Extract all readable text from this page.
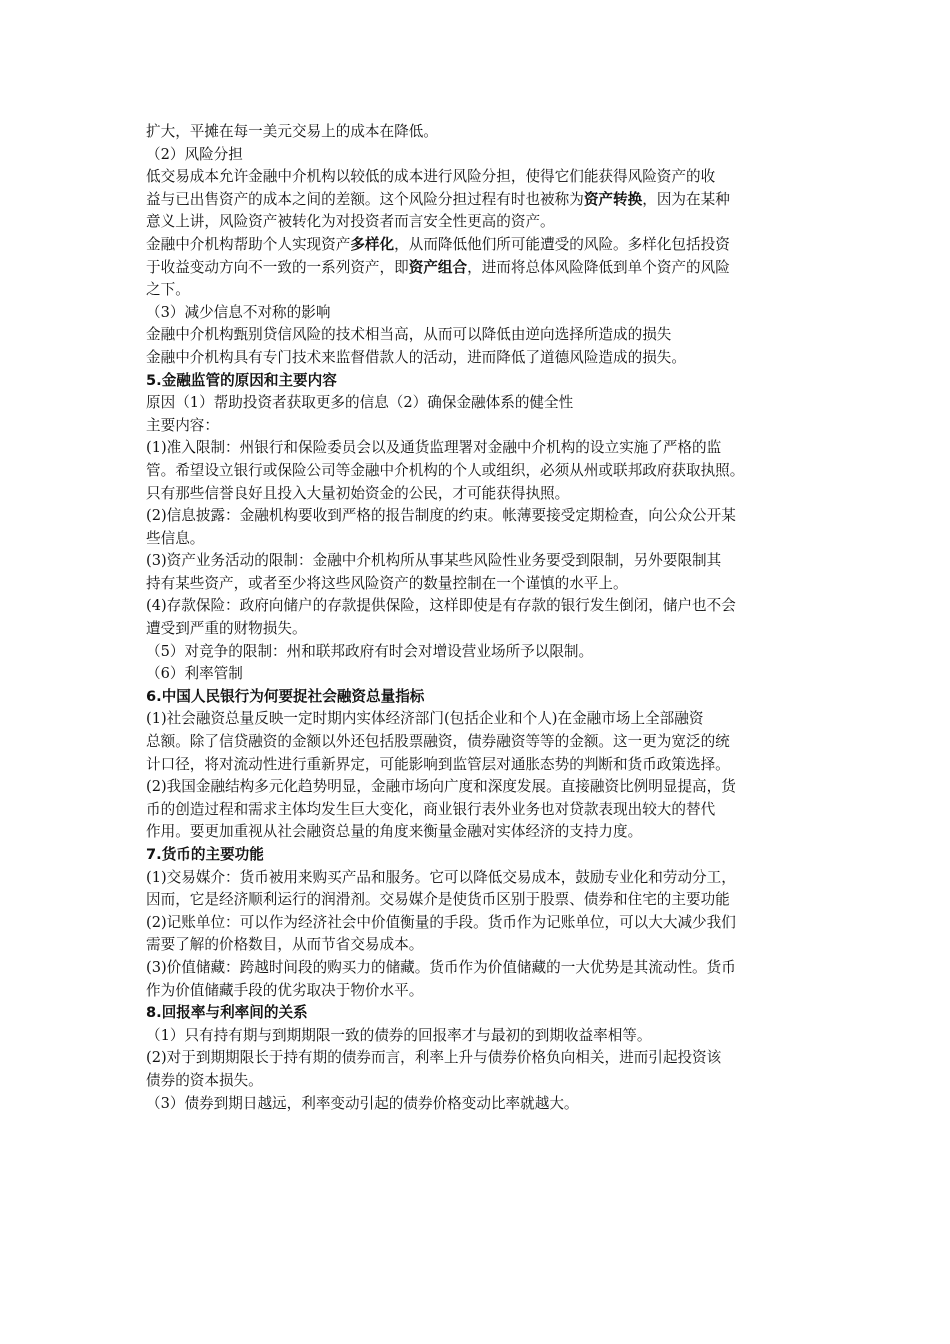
扩大，平摊在每一美元交易上的成本在降低。
（2）风险分担
低交易成本允许金融中介机构以较低的成本进行风险分担，使得它们能获得风险资产的收
益与已出售资产的成本之间的差额。这个风险分担过程有时也被称为资产转换，因为在某种
意义上讲，风险资产被转化为对投资者而言安全性更高的资产。
金融中介机构帮助个人实现资产多样化，从而降低他们所可能遭受的风险。多样化包括投资
于收益变动方向不一致的一系列资产，即资产组合，进而将总体风险降低到单个资产的风险
之下。
（3）减少信息不对称的影响
金融中介机构甄别贷信风险的技术相当高，从而可以降低由逆向选择所造成的损失
金融中介机构具有专门技术来监督借款人的活动，进而降低了道德风险造成的损失。
5.金融监管的原因和主要内容
原因（1）帮助投资者获取更多的信息（2）确保金融体系的健全性
主要内容：
(1)准入限制：州银行和保险委员会以及通货监理署对金融中介机构的设立实施了严格的监
管。希望设立银行或保险公司等金融中介机构的个人或组织，必须从州或联邦政府获取执照。
只有那些信誉良好且投入大量初始资金的公民，才可能获得执照。
(2)信息披露：金融机构要收到严格的报告制度的约束。帐薄要接受定期检查，向公众公开某
些信息。
(3)资产业务活动的限制：金融中介机构所从事某些风险性业务要受到限制，另外要限制其
持有某些资产，或者至少将这些风险资产的数量控制在一个谨慎的水平上。
(4)存款保险：政府向储户的存款提供保险，这样即使是有存款的银行发生倒闭，储户也不会
遭受到严重的财物损失。
（5）对竞争的限制：州和联邦政府有时会对增设营业场所予以限制。
（6）利率管制
6.中国人民银行为何要捉社会融资总量指标
(1)社会融资总量反映一定时期内实体经济部门(包括企业和个人)在金融市场上全部融资
总额。除了信贷融资的金额以外还包括股票融资，债券融资等等的金额。这一更为宽泛的统
计口径，将对流动性进行重新界定，可能影响到监管层对通胀态势的判断和货币政策选择。
(2)我国金融结构多元化趋势明显，金融市场向广度和深度发展。直接融资比例明显提高，货
币的创造过程和需求主体均发生巨大变化，商业银行表外业务也对贷款表现出较大的替代
作用。要更加重视从社会融资总量的角度来衡量金融对实体经济的支持力度。
7.货币的主要功能
(1)交易媒介：货币被用来购买产品和服务。它可以降低交易成本，鼓励专业化和劳动分工，
因而，它是经济顺利运行的润滑剂。交易媒介是使货币区别于股票、债券和住宅的主要功能
(2)记账单位：可以作为经济社会中价值衡量的手段。货币作为记账单位，可以大大减少我们
需要了解的价格数目，从而节省交易成本。
(3)价值储藏：跨越时间段的购买力的储藏。货币作为价值储藏的一大优势是其流动性。货币
作为价值储藏手段的优劣取决于物价水平。
8.回报率与利率间的关系
（1）只有持有期与到期期限一致的债券的回报率才与最初的到期收益率相等。
(2)对于到期期限长于持有期的债券而言，利率上升与债券价格负向相关，进而引起投资该
债券的资本损失。
（3）债券到期日越远，利率变动引起的债券价格变动比率就越大。
